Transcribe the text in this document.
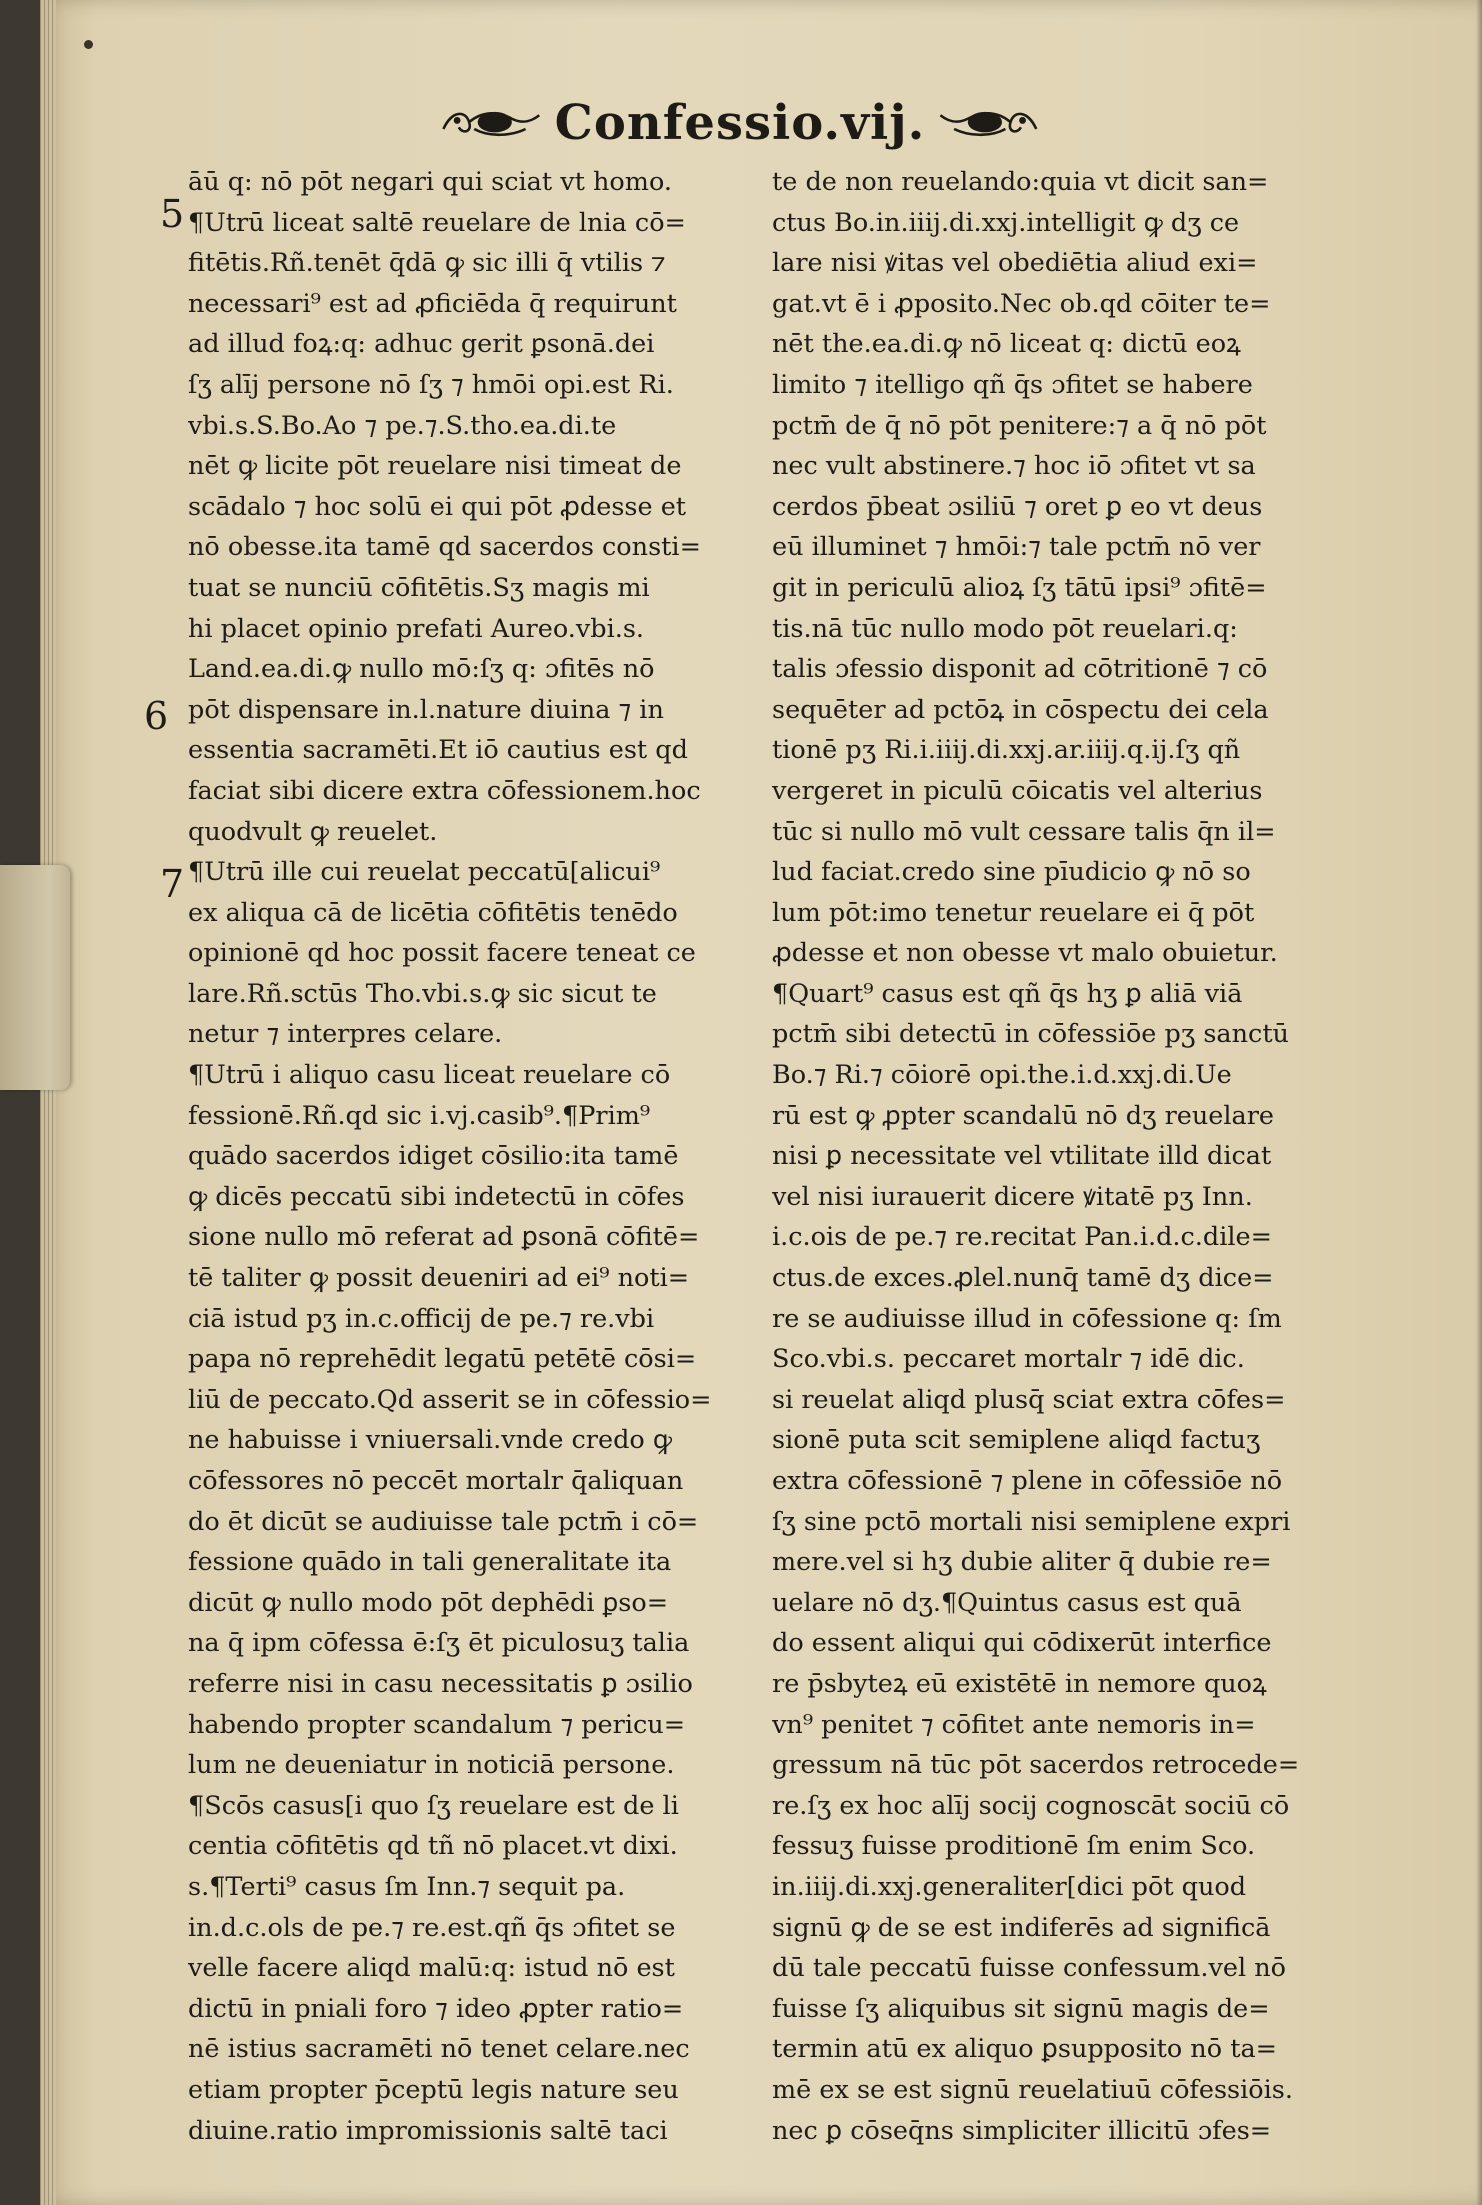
Confessio.vij.
5
6
7
āū q: nō pōt negari qui sciat vt homo.
¶Utrū liceat saltē reuelare de lnia cō=
fitētis.Rñ.tenēt q̄dā ꝙ sic illi q̄ vtilis ⁊
necessari⁹ est ad ꝓficiēda q̄ requirunt
ad illud foꝝ:q: adhuc gerit ꝑsonā.dei
ſʒ alīj persone nō ſʒ ⁊ hmōi opi.est Ri.
vbi.s.S.Bo.Ao ⁊ pe.⁊.S.tho.ea.di.te
nēt ꝙ licite pōt reuelare nisi timeat de
scādalo ⁊ hoc solū ei qui pōt ꝓdesse et
nō obesse.ita tamē qd sacerdos consti=
tuat se nunciū cōfitētis.Sʒ magis mi
hi placet opinio prefati Aureo.vbi.s.
Land.ea.di.ꝙ nullo mō:ſʒ q: ɔfitēs nō
pōt dispensare in.l.nature diuina ⁊ in
essentia sacramēti.Et iō cautius est qd
faciat sibi dicere extra cōfessionem.hoc
quodvult ꝙ reuelet.
¶Utrū ille cui reuelat peccatū[alicui⁹
ex aliqua cā de licētia cōfitētis tenēdo
opinionē qd hoc possit facere teneat ce
lare.Rñ.sctūs Tho.vbi.s.ꝙ sic sicut te
netur ⁊ interpres celare.
¶Utrū i aliquo casu liceat reuelare cō
fessionē.Rñ.qd sic i.vj.casib⁹.¶Prim⁹
quādo sacerdos idiget cōsilio:ita tamē
ꝙ dicēs peccatū sibi indetectū in cōfes
sione nullo mō referat ad ꝑsonā cōfitē=
tē taliter ꝙ possit deueniri ad ei⁹ noti=
ciā istud pʒ in.c.officij de pe.⁊ re.vbi
papa nō reprehēdit legatū petētē cōsi=
liū de peccato.Qd asserit se in cōfessio=
ne habuisse i vniuersali.vnde credo ꝙ
cōfessores nō peccēt mortalr q̄aliquan
do ēt dicūt se audiuisse tale pctm̄ i cō=
fessione quādo in tali generalitate ita
dicūt ꝙ nullo modo pōt dephēdi ꝑso=
na q̄ ipm cōfessa ē:ſʒ ēt piculosuʒ talia
referre nisi in casu necessitatis ꝑ ɔsilio
habendo propter scandalum ⁊ pericu=
lum ne deueniatur in noticiā persone.
¶Scōs casus[i quo ſʒ reuelare est de li
centia cōfitētis qd tñ nō placet.vt dixi.
s.¶Terti⁹ casus ſm Inn.⁊ sequit pa.
in.d.c.ols de pe.⁊ re.est.qñ q̄s ɔfitet se
velle facere aliqd malū:q: istud nō est
dictū in pniali foro ⁊ ideo ꝓpter ratio=
nē istius sacramēti nō tenet celare.nec
etiam propter p̄ceptū legis nature seu
diuine.ratio impromissionis saltē taci
te de non reuelando:quia vt dicit san=
ctus Bo.in.iiij.di.xxj.intelligit ꝙ dʒ ce
lare nisi ꝟitas vel obediētia aliud exi=
gat.vt ē i ꝓposito.Nec ob.qd cōiter te=
nēt the.ea.di.ꝙ nō liceat q: dictū eoꝝ
limito ⁊ itelligo qñ q̄s ɔfitet se habere
pctm̄ de q̄ nō pōt penitere:⁊ a q̄ nō pōt
nec vult abstinere.⁊ hoc iō ɔfitet vt sa
cerdos p̄beat ɔsiliū ⁊ oret ꝑ eo vt deus
eū illuminet ⁊ hmōi:⁊ tale pctm̄ nō ver
git in periculū alioꝝ ſʒ tātū ipsi⁹ ɔfitē=
tis.nā tūc nullo modo pōt reuelari.q:
talis ɔfessio disponit ad cōtritionē ⁊ cō
sequēter ad pctōꝝ in cōspectu dei cela
tionē pʒ Ri.i.iiij.di.xxj.ar.iiij.q.ij.ſʒ qñ
vergeret in piculū cōicatis vel alterius
tūc si nullo mō vult cessare talis q̄n il=
lud faciat.credo sine pīudicio ꝙ nō so
lum pōt:imo tenetur reuelare ei q̄ pōt
ꝓdesse et non obesse vt malo obuietur.
¶Quart⁹ casus est qñ q̄s hʒ ꝑ aliā viā
pctm̄ sibi detectū in cōfessiōe pʒ sanctū
Bo.⁊ Ri.⁊ cōiorē opi.the.i.d.xxj.di.Ue
rū est ꝙ ꝓpter scandalū nō dʒ reuelare
nisi ꝑ necessitate vel vtilitate illd dicat
vel nisi iurauerit dicere ꝟitatē pʒ Inn.
i.c.ois de pe.⁊ re.recitat Pan.i.d.c.dile=
ctus.de exces.ꝓlel.nunq̄ tamē dʒ dice=
re se audiuisse illud in cōfessione q: ſm
Sco.vbi.s. peccaret mortalr ⁊ idē dic.
si reuelat aliqd plusq̄ sciat extra cōfes=
sionē puta scit semiplene aliqd factuʒ
extra cōfessionē ⁊ plene in cōfessiōe nō
ſʒ sine pctō mortali nisi semiplene expri
mere.vel si hʒ dubie aliter q̄ dubie re=
uelare nō dʒ.¶Quintus casus est quā
do essent aliqui qui cōdixerūt interfice
re p̄sbyteꝝ eū existētē in nemore quoꝝ
vn⁹ penitet ⁊ cōfitet ante nemoris in=
gressum nā tūc pōt sacerdos retrocede=
re.ſʒ ex hoc alīj socij cognoscāt sociū cō
fessuʒ fuisse proditionē ſm enim Sco.
in.iiij.di.xxj.generaliter[dici pōt quod
signū ꝙ de se est indiferēs ad significā
dū tale peccatū fuisse confessum.vel nō
fuisse ſʒ aliquibus sit signū magis de=
termin atū ex aliquo ꝑsupposito nō ta=
mē ex se est signū reuelatiuū cōfessiōis.
nec ꝑ cōseq̄ns simpliciter illicitū ɔfes=
